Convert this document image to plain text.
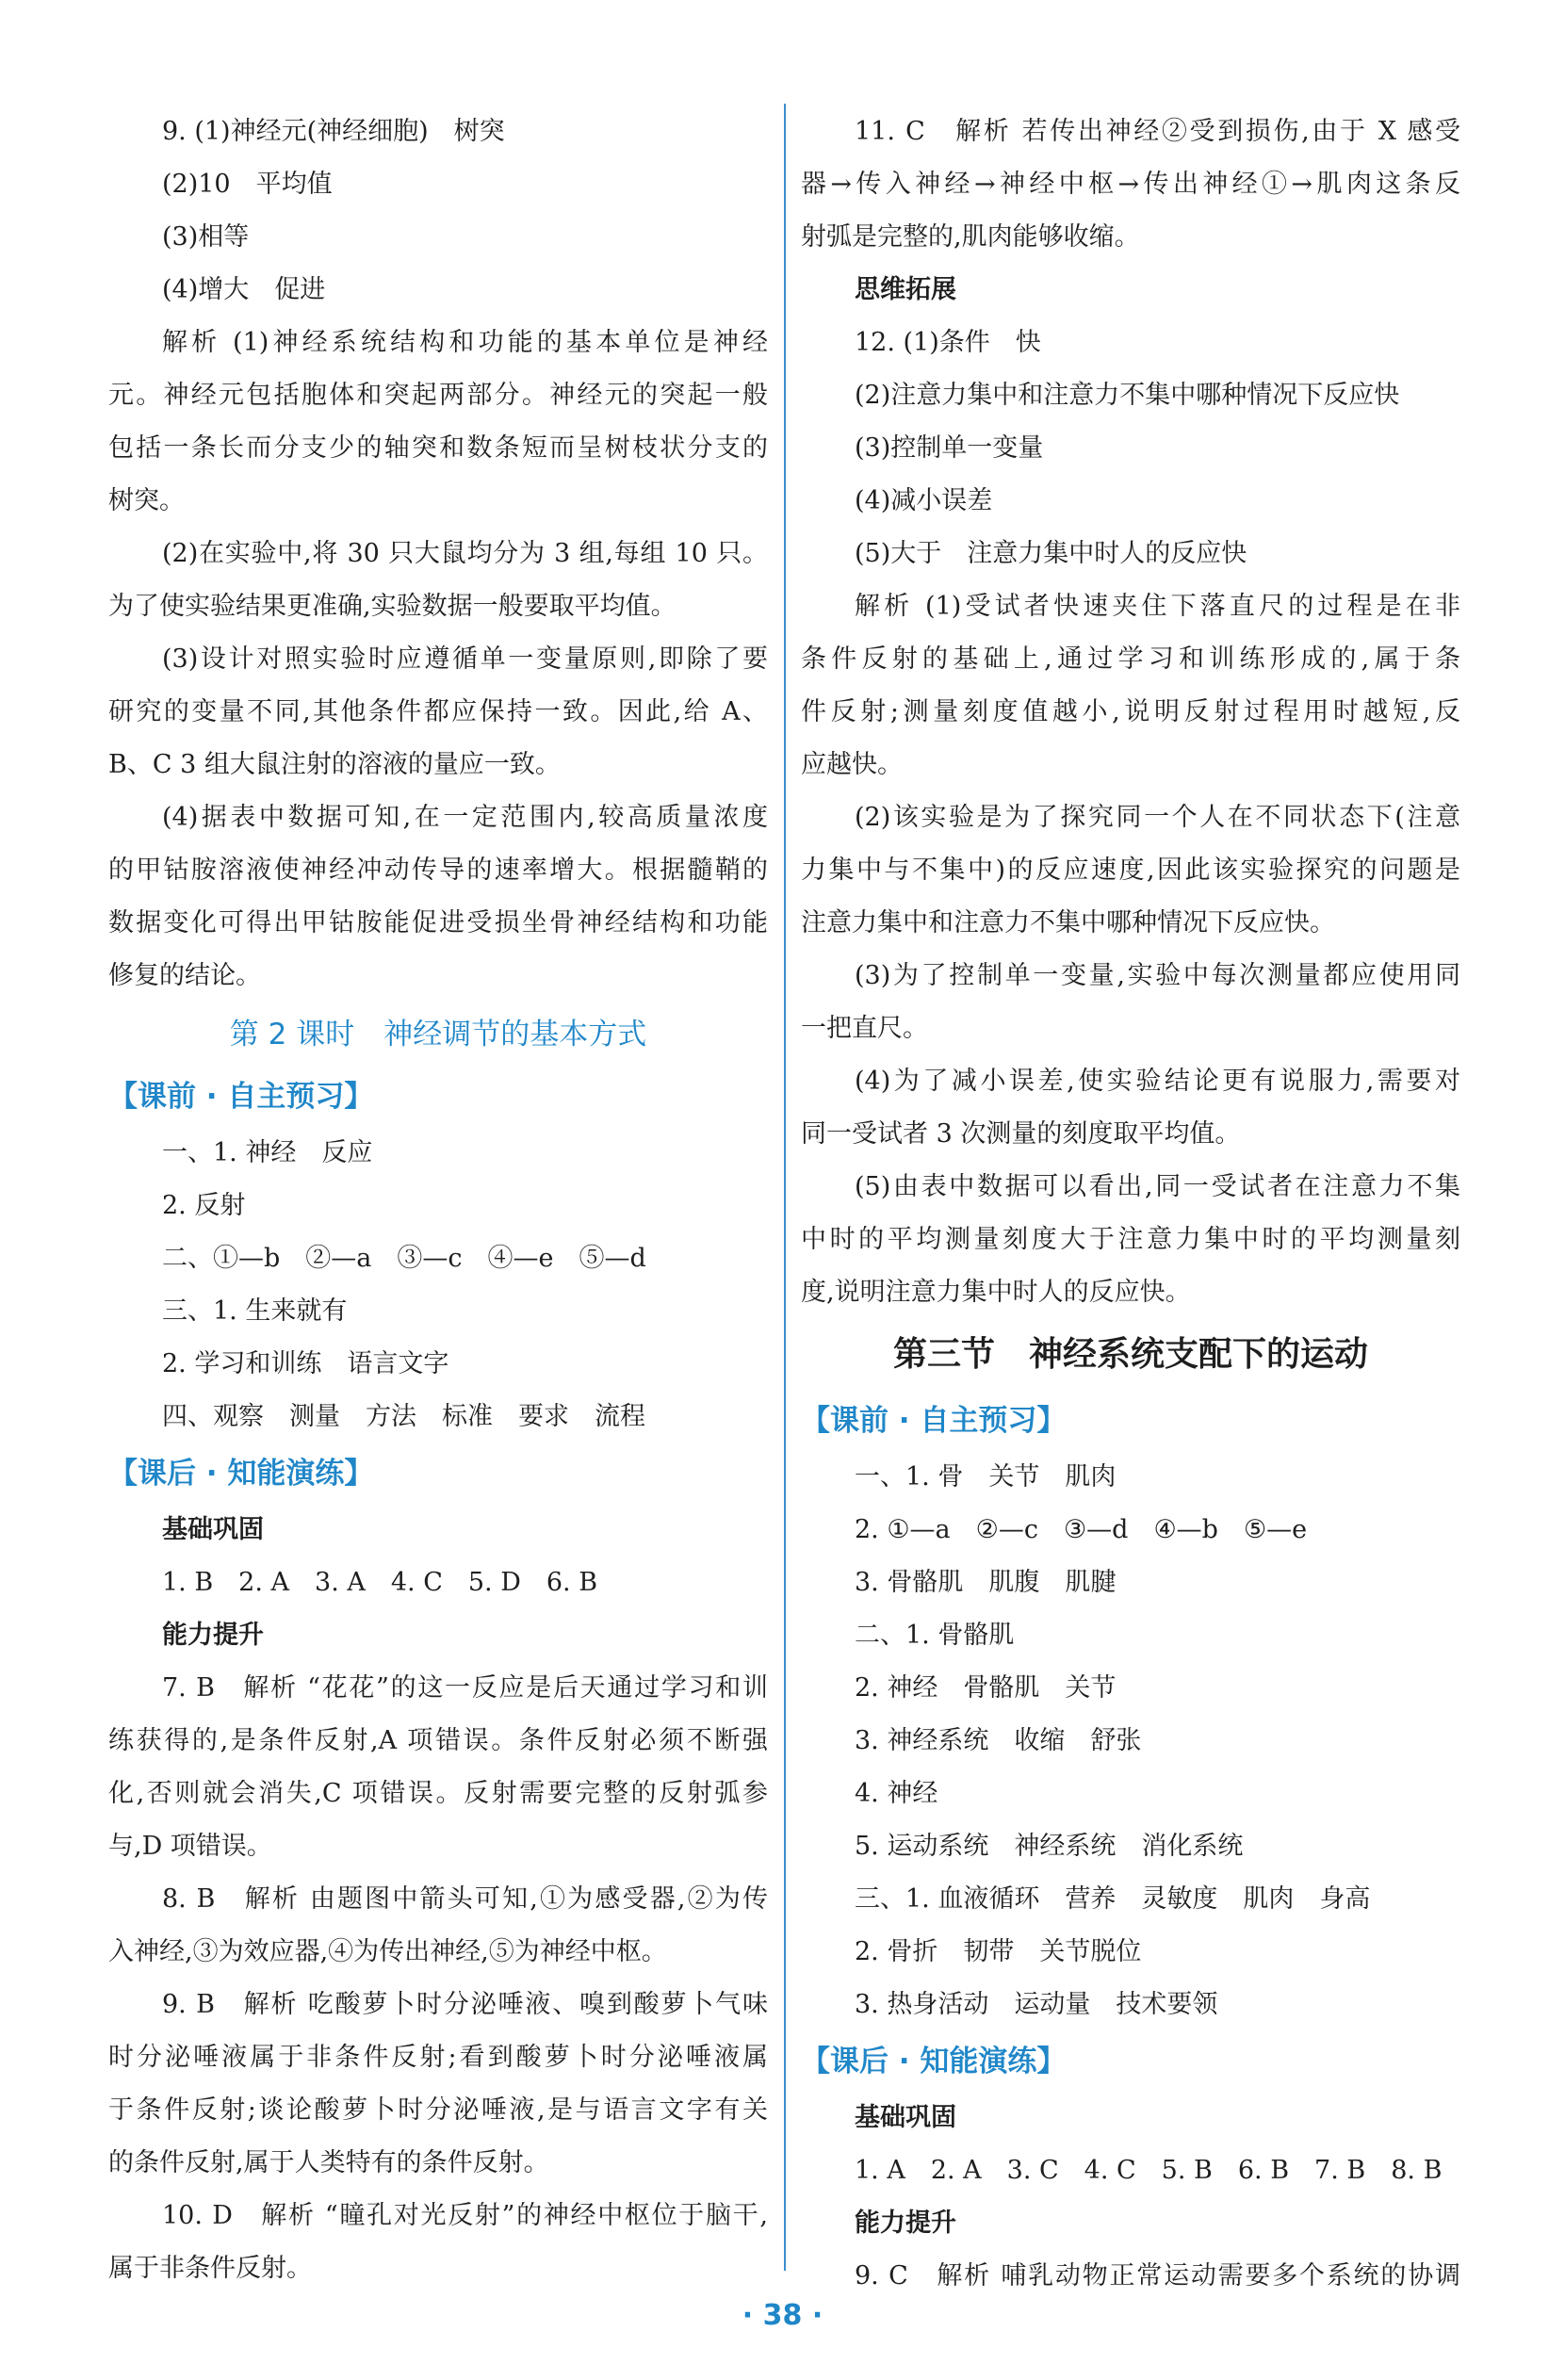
9. (1)神经元(神经细胞)　树突
(2)10　平均值
(3)相等
(4)增大　促进
解析 (1)神经系统结构和功能的基本单位是神经
元。神经元包括胞体和突起两部分。神经元的突起一般
包括一条长而分支少的轴突和数条短而呈树枝状分支的
树突。
(2)在实验中,将 30 只大鼠均分为 3 组,每组 10 只。
为了使实验结果更准确,实验数据一般要取平均值。
(3)设计对照实验时应遵循单一变量原则,即除了要
研究的变量不同,其他条件都应保持一致。因此,给 A、
B、C 3 组大鼠注射的溶液的量应一致。
(4)据表中数据可知,在一定范围内,较高质量浓度
的甲钴胺溶液使神经冲动传导的速率增大。根据髓鞘的
数据变化可得出甲钴胺能促进受损坐骨神经结构和功能
修复的结论。
第 2 课时　神经调节的基本方式
【课前 · 自主预习】
一、1. 神经　反应
2. 反射
二、①—b　②—a　③—c　④—e　⑤—d
三、1. 生来就有
2. 学习和训练　语言文字
四、观察　测量　方法　标准　要求　流程
【课后 · 知能演练】
基础巩固
1. B　2. A　3. A　4. C　5. D　6. B
能力提升
7. B　解析 “花花”的这一反应是后天通过学习和训
练获得的,是条件反射,A 项错误。条件反射必须不断强
化,否则就会消失,C 项错误。反射需要完整的反射弧参
与,D 项错误。
8. B　解析 由题图中箭头可知,①为感受器,②为传
入神经,③为效应器,④为传出神经,⑤为神经中枢。
9. B　解析 吃酸萝卜时分泌唾液、嗅到酸萝卜气味
时分泌唾液属于非条件反射;看到酸萝卜时分泌唾液属
于条件反射;谈论酸萝卜时分泌唾液,是与语言文字有关
的条件反射,属于人类特有的条件反射。
10. D　解析 “瞳孔对光反射”的神经中枢位于脑干,
属于非条件反射。
11. C　解析 若传出神经②受到损伤,由于 X 感受
器→传入神经→神经中枢→传出神经①→肌肉这条反
射弧是完整的,肌肉能够收缩。
思维拓展
12. (1)条件　快
(2)注意力集中和注意力不集中哪种情况下反应快
(3)控制单一变量
(4)减小误差
(5)大于　注意力集中时人的反应快
解析 (1)受试者快速夹住下落直尺的过程是在非
条件反射的基础上,通过学习和训练形成的,属于条
件反射;测量刻度值越小,说明反射过程用时越短,反
应越快。
(2)该实验是为了探究同一个人在不同状态下(注意
力集中与不集中)的反应速度,因此该实验探究的问题是
注意力集中和注意力不集中哪种情况下反应快。
(3)为了控制单一变量,实验中每次测量都应使用同
一把直尺。
(4)为了减小误差,使实验结论更有说服力,需要对
同一受试者 3 次测量的刻度取平均值。
(5)由表中数据可以看出,同一受试者在注意力不集
中时的平均测量刻度大于注意力集中时的平均测量刻
度,说明注意力集中时人的反应快。
第三节　神经系统支配下的运动
【课前 · 自主预习】
一、1. 骨　关节　肌肉
2. ①—a　②—c　③—d　④—b　⑤—e
3. 骨骼肌　肌腹　肌腱
二、1. 骨骼肌
2. 神经　骨骼肌　关节
3. 神经系统　收缩　舒张
4. 神经
5. 运动系统　神经系统　消化系统
三、1. 血液循环　营养　灵敏度　肌肉　身高
2. 骨折　韧带　关节脱位
3. 热身活动　运动量　技术要领
【课后 · 知能演练】
基础巩固
1. A　2. A　3. C　4. C　5. B　6. B　7. B　8. B
能力提升
9. C　解析 哺乳动物正常运动需要多个系统的协调
· 38 ·
